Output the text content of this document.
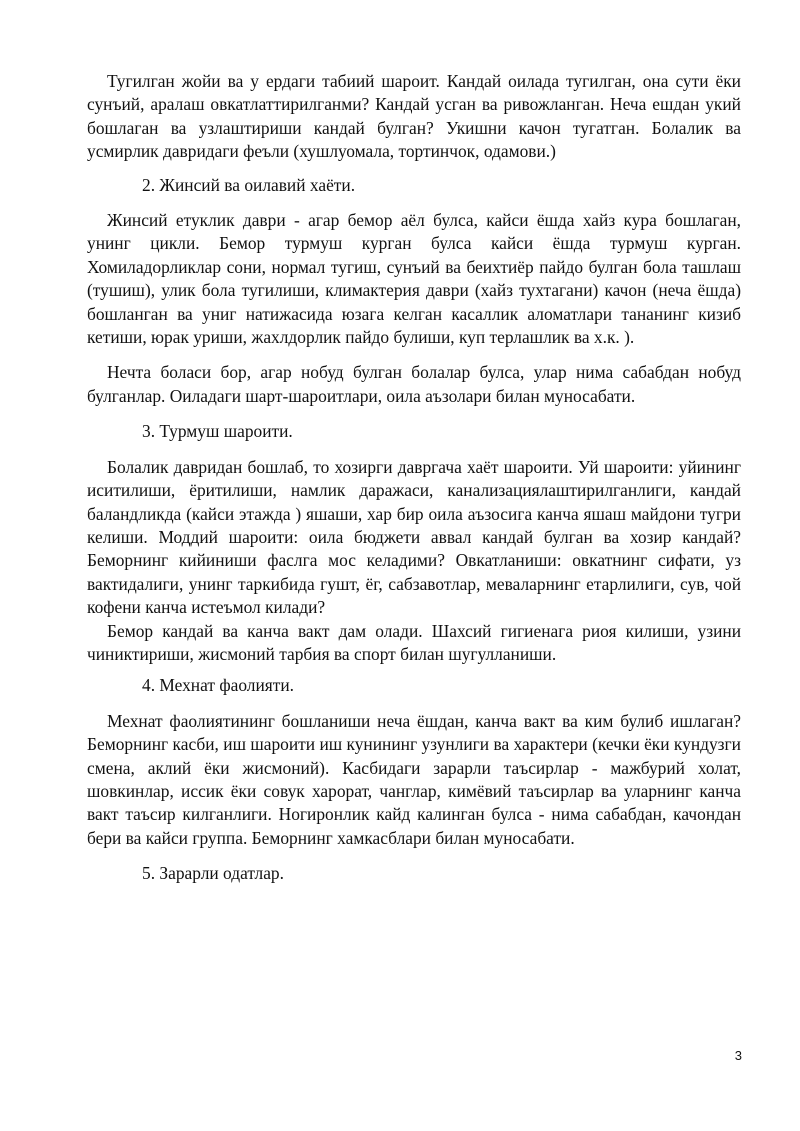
Тугилган жойи ва у ердаги табиий шароит. Кандай оилада тугилган, она сути ёки сунъий, аралаш овкатлаттирилганми? Кандай усган ва ривожланган. Неча ешдан укий бошлаган ва узлаштириши кандай булган? Укишни качон тугатган. Болалик ва усмирлик давридаги феъли (хушлуомала, тортинчок, одамови.)

2. Жинсий ва оилавий хаёти.

Жинсий етуклик даври - агар бемор аёл булса, кайси ёшда хайз кура бошлаган, унинг цикли. Бемор турмуш курган булса кайси ёшда турмуш курган. Хомиладорликлар сони, нормал тугиш, сунъий ва беихтиёр пайдо булган бола ташлаш (тушиш), улик бола тугилиши, климактерия даври (хайз тухтагани) качон (неча ёшда) бошланган ва униг натижасида юзага келган касаллик аломатлари тананинг кизиб кетиши, юрак уриши, жахлдорлик пайдо булиши, куп терлашлик ва х.к. ).

Нечта боласи бор, агар нобуд булган болалар булса, улар нима сабабдан нобуд булганлар. Оиладаги шарт-шароитлари, оила аъзолари билан муносабати.

3. Турмуш шароити.

Болалик давридан бошлаб, то хозирги давргача хаёт шароити. Уй шароити: уйининг иситилиши, ёритилиши, намлик даражаси, канализациялаштирилганлиги, кандай баландликда (кайси этажда ) яшаши, хар бир оила аъзосига канча яшаш майдони тугри келиши. Моддий шароити: оила бюджети аввал кандай булган ва хозир кандай? Беморнинг кийиниши фаслга мос келадими? Овкатланиши: овкатнинг сифати, уз вактидалиги, унинг таркибида гушт, ёг, сабзавотлар, меваларнинг етарлилиги, сув, чой кофени канча истеъмол килади?

Бемор кандай ва канча вакт дам олади. Шахсий гигиенага риоя килиши, узини чиниктириши, жисмоний тарбия ва спорт билан шугулланиши.

4. Мехнат фаолияти.

Мехнат фаолиятининг бошланиши неча ёшдан, канча вакт ва ким булиб ишлаган? Беморнинг касби, иш шароити иш кунининг узунлиги ва характери (кечки ёки кундузги смена, аклий ёки жисмоний). Касбидаги зарарли таъсирлар - мажбурий холат, шовкинлар, иссик ёки совук харорат, чанглар, кимёвий таъсирлар ва уларнинг канча вакт таъсир килганлиги. Ногиронлик кайд калинган булса - нима сабабдан, качондан бери ва кайси группа. Беморнинг хамкасблари билан муносабати.

5. Зарарли одатлар.

3
